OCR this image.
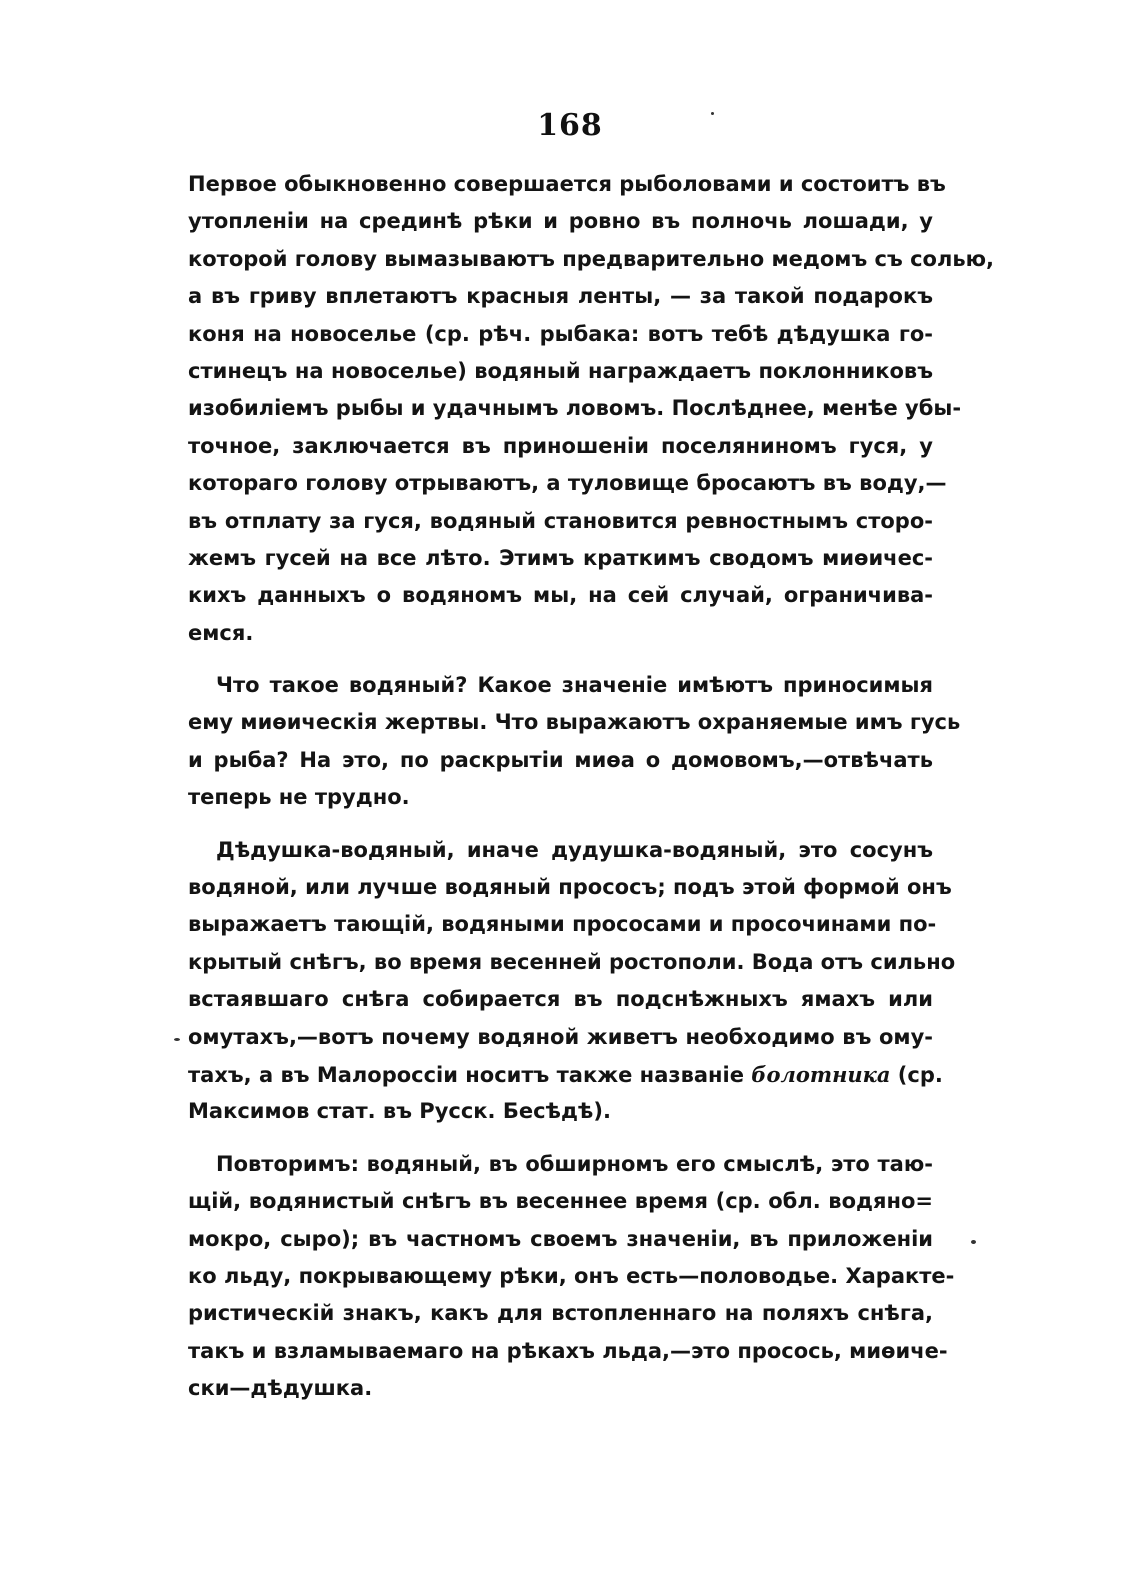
168
Первое обыкновенно совершается рыболовами и состоитъ въ
утопленіи на срединѣ рѣки и ровно въ полночь лошади, у
которой голову вымазываютъ предварительно медомъ съ солью,
а въ гриву вплетаютъ красныя ленты, — за такой подарокъ
коня на новоселье (ср. рѣч. рыбака: вотъ тебѣ дѣдушка го-
стинецъ на новоселье) водяный награждаетъ поклонниковъ
изобиліемъ рыбы и удачнымъ ловомъ. Послѣднее, менѣе убы-
точное, заключается въ приношеніи поселяниномъ гуся, у
котораго голову отрываютъ, а туловище бросаютъ въ воду,—
въ отплату за гуся, водяный становится ревностнымъ сторо-
жемъ гусей на все лѣто. Этимъ краткимъ сводомъ миѳичес-
кихъ данныхъ о водяномъ мы, на сей случай, ограничива-
емся.
Что такое водяный? Какое значеніе имѣютъ приносимыя
ему миѳическія жертвы. Что выражаютъ охраняемые имъ гусь
и рыба? На это, по раскрытіи миѳа о домовомъ,—отвѣчать
теперь не трудно.
Дѣдушка-водяный, иначе дудушка-водяный, это сосунъ
водяной, или лучше водяный прососъ; подъ этой формой онъ
выражаетъ тающій, водяными прососами и просочинами по-
крытый снѣгъ, во время весенней ростополи. Вода отъ сильно
встаявшаго снѣга собирается въ подснѣжныхъ ямахъ или
омутахъ,—вотъ почему водяной живетъ необходимо въ ому-
тахъ, а въ Малороссіи носитъ также названіе болотника (ср.
Максимов стат. въ Русск. Бесѣдѣ).
Повторимъ: водяный, въ обширномъ его смыслѣ, это таю-
щій, водянистый снѣгъ въ весеннее время (ср. обл. водяно=
мокро, сыро); въ частномъ своемъ значеніи, въ приложеніи
ко льду, покрывающему рѣки, онъ есть—половодье. Характе-
ристическій знакъ, какъ для встопленнаго на поляхъ снѣга,
такъ и взламываемаго на рѣкахъ льда,—это просось, миѳиче-
ски—дѣдушка.
